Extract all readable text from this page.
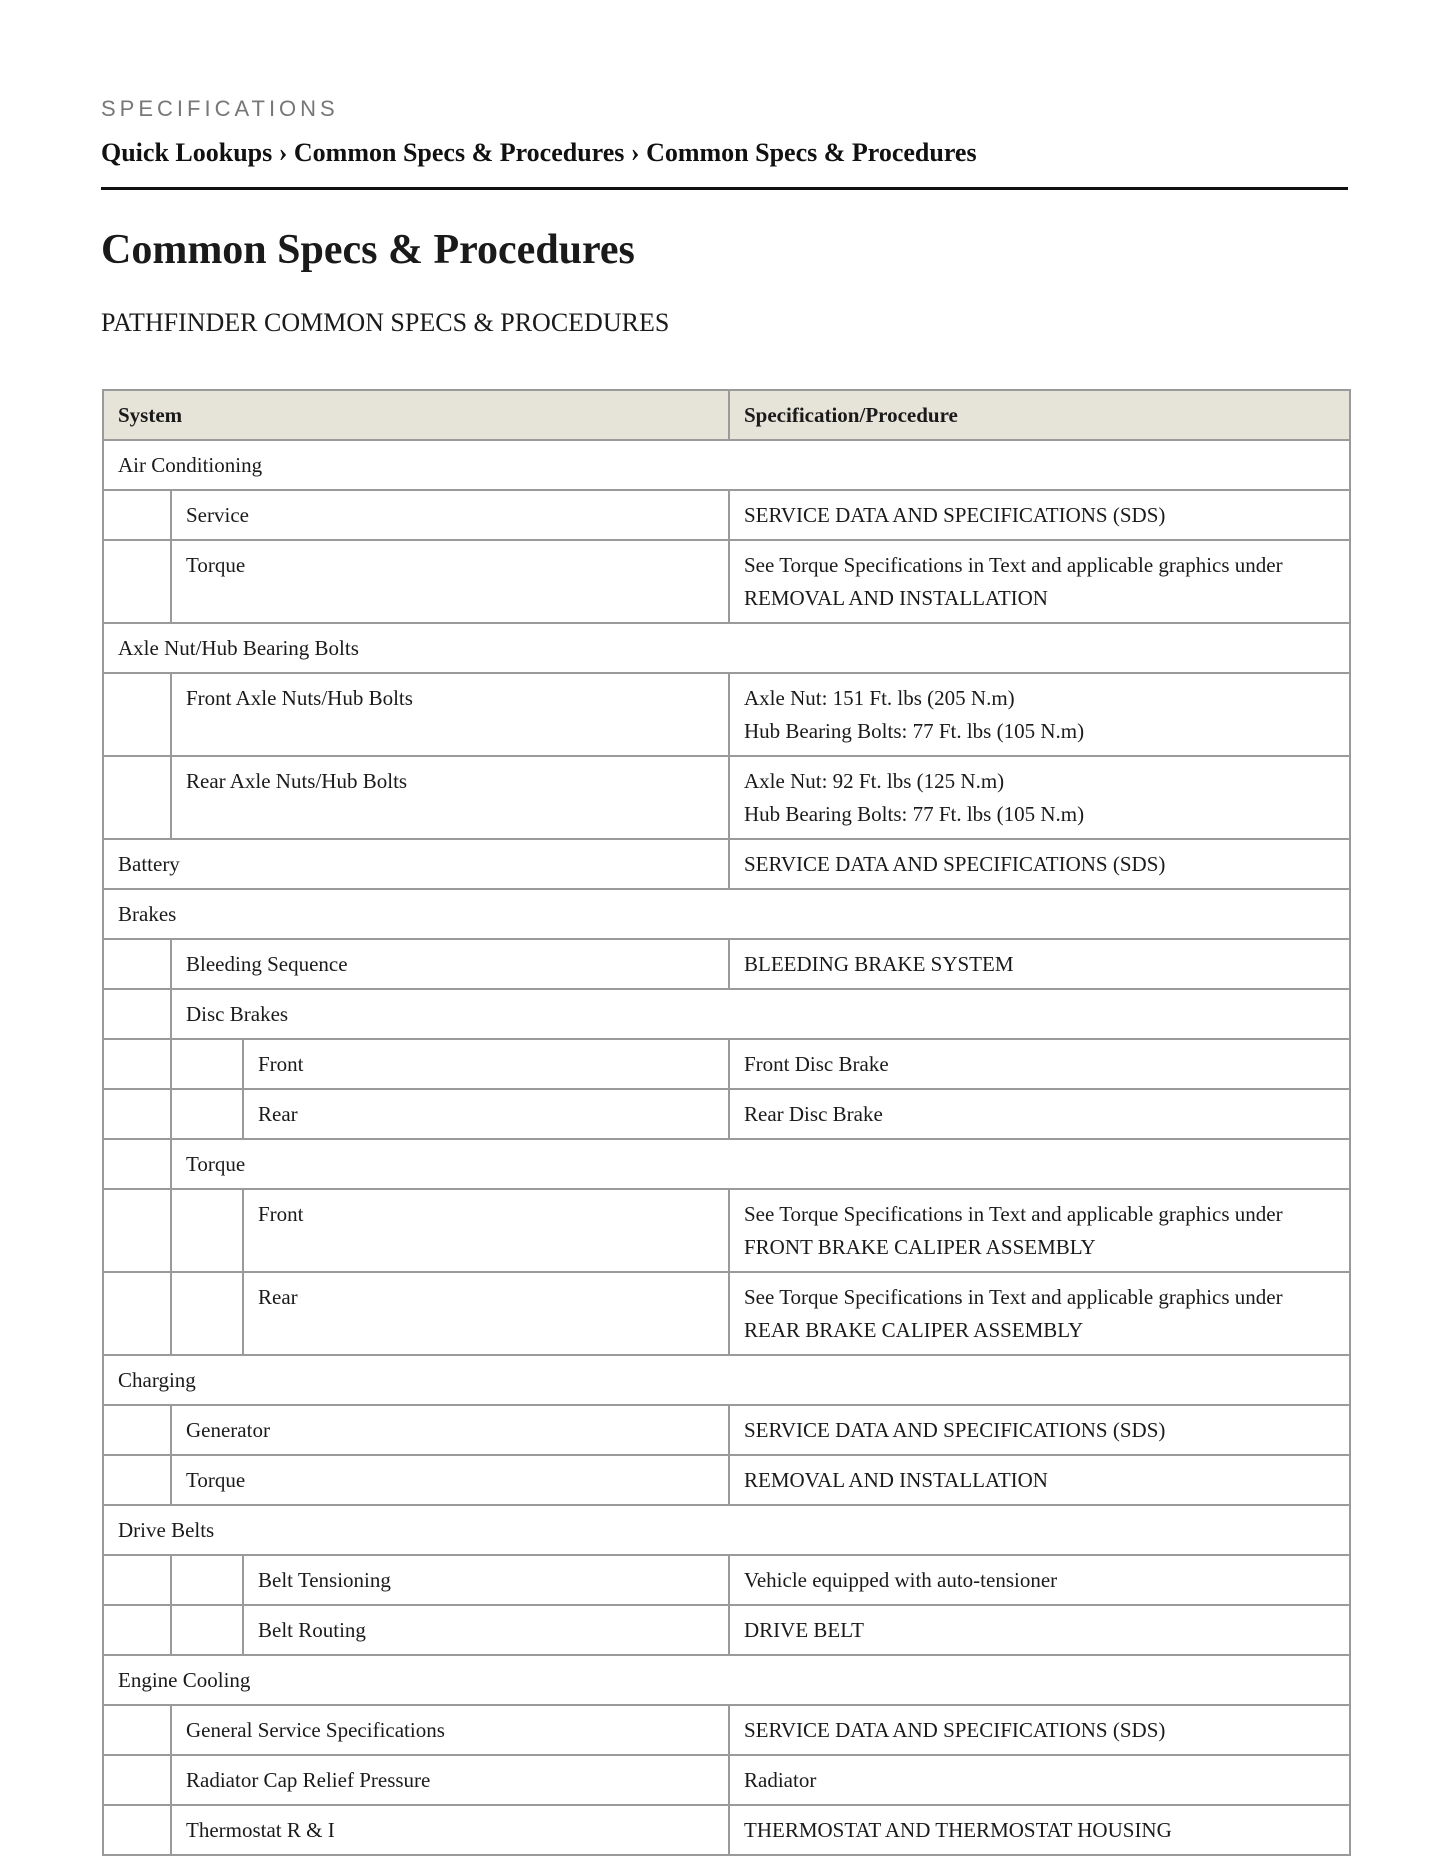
SPECIFICATIONS
Quick Lookups › Common Specs & Procedures › Common Specs & Procedures
Common Specs & Procedures
PATHFINDER COMMON SPECS & PROCEDURES
System			Specification/Procedure
Air Conditioning			
	Service		SERVICE DATA AND SPECIFICATIONS (SDS)

	Torque		See Torque Specifications in Text and applicable graphics under
REMOVAL AND INSTALLATION

Axle Nut/Hub Bearing Bolts			
	Front Axle Nuts/Hub Bolts		Axle Nut: 151 Ft. lbs (205 N.m)
Hub Bearing Bolts: 77 Ft. lbs (105 N.m)

	Rear Axle Nuts/Hub Bolts		Axle Nut: 92 Ft. lbs (125 N.m)
Hub Bearing Bolts: 77 Ft. lbs (105 N.m)

Battery			SERVICE DATA AND SPECIFICATIONS (SDS)

Brakes			
	Bleeding Sequence		BLEEDING BRAKE SYSTEM

	Disc Brakes		
		Front	Front Disc Brake

		Rear	Rear Disc Brake

	Torque		
		Front	See Torque Specifications in Text and applicable graphics under
FRONT BRAKE CALIPER ASSEMBLY

		Rear	See Torque Specifications in Text and applicable graphics under
REAR BRAKE CALIPER ASSEMBLY

Charging			
	Generator		SERVICE DATA AND SPECIFICATIONS (SDS)

	Torque		REMOVAL AND INSTALLATION

Drive Belts			
		Belt Tensioning	Vehicle equipped with auto-tensioner

		Belt Routing	DRIVE BELT

Engine Cooling			
	General Service Specifications		SERVICE DATA AND SPECIFICATIONS (SDS)

	Radiator Cap Relief Pressure		Radiator

	Thermostat R & I		THERMOSTAT AND THERMOSTAT HOUSING
